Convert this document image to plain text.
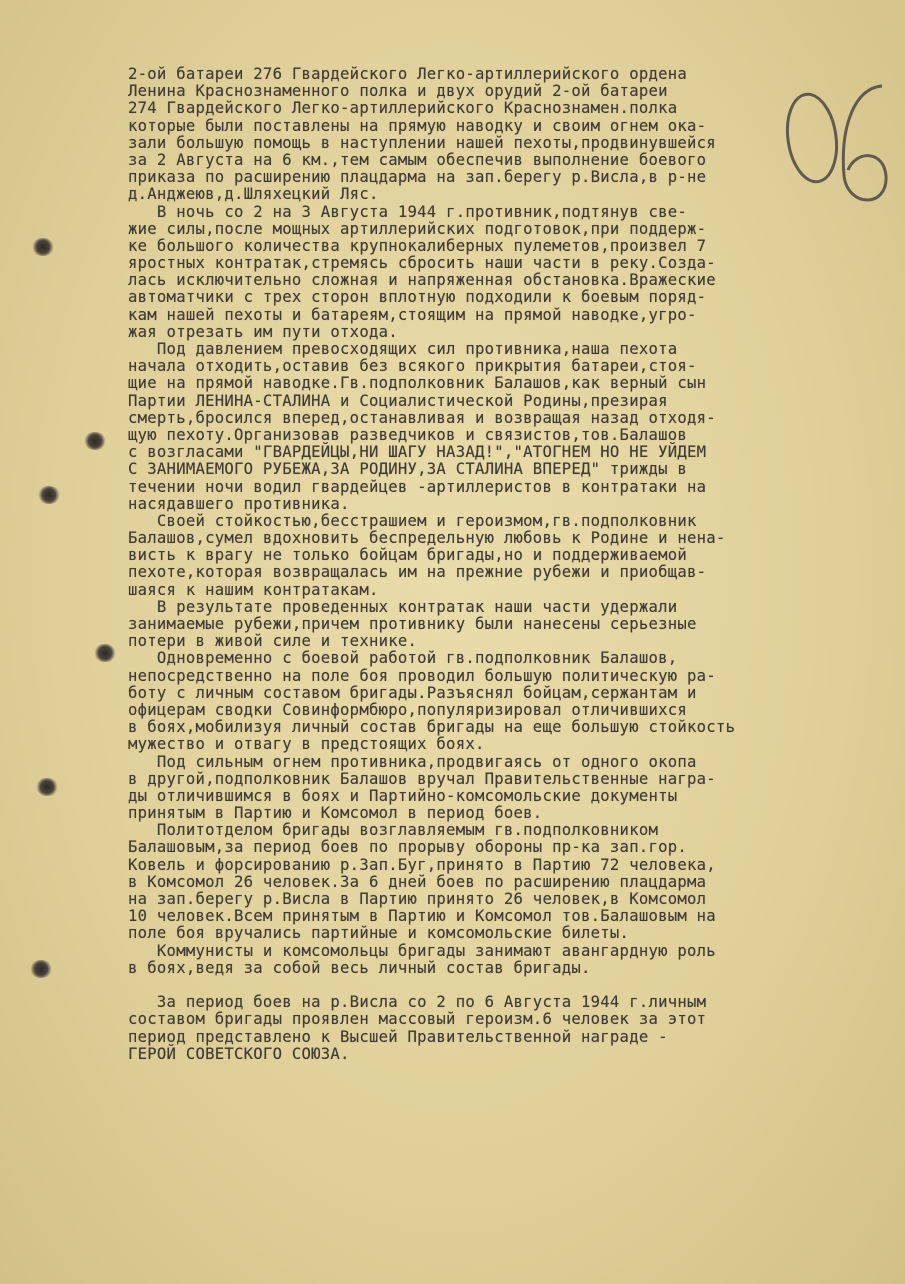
2-ой батареи 276 Гвардейского Легко-артиллерийского ордена
Ленина Краснознаменного полка и двух орудий 2-ой батареи
274 Гвардейского Легко-артиллерийского Краснознамен.полка
которые были поставлены на прямую наводку и своим огнем ока-
зали большую помощь в наступлении нашей пехоты,продвинувшейся
за 2 Августа на 6 км.,тем самым обеспечив выполнение боевого
приказа по расширению плацдарма на зап.берегу р.Висла,в р-не
д.Анджеюв,д.Шляхецкий Ляс.
В ночь со 2 на 3 Августа 1944 г.противник,подтянув све-
жие силы,после мощных артиллерийских подготовок,при поддерж-
ке большого количества крупнокалиберных пулеметов,произвел 7
яростных контратак,стремясь сбросить наши части в реку.Созда-
лась исключительно сложная и напряженная обстановка.Вражеские
автоматчики с трех сторон вплотную подходили к боевым поряд-
кам нашей пехоты и батареям,стоящим на прямой наводке,угро-
жая отрезать им пути отхода.
Под давлением превосходящих сил противника,наша пехота
начала отходить,оставив без всякого прикрытия батареи,стоя-
щие на прямой наводке.Гв.подполковник Балашов,как верный сын
Партии ЛЕНИНА-СТАЛИНА и Социалистической Родины,презирая
смерть,бросился вперед,останавливая и возвращая назад отходя-
щую пехоту.Организовав разведчиков и связистов,тов.Балашов
с возгласами "ГВАРДЕЙЦЫ,НИ ШАГУ НАЗАД!","АТОГНЕМ НО НЕ УЙДЕМ
С ЗАНИМАЕМОГО РУБЕЖА,ЗА РОДИНУ,ЗА СТАЛИНА ВПЕРЕД" трижды в
течении ночи водил гвардейцев -артиллеристов в контратаки на
насядавшего противника.
Своей стойкостью,бесстрашием и героизмом,гв.подполковник
Балашов,сумел вдохновить беспредельную любовь к Родине и нена-
висть к врагу не только бойцам бригады,но и поддерживаемой
пехоте,которая возвращалась им на прежние рубежи и приобщав-
шаяся к нашим контратакам.
В результате проведенных контратак наши части удержали
занимаемые рубежи,причем противнику были нанесены серьезные
потери в живой силе и технике.
Одновременно с боевой работой гв.подполковник Балашов,
непосредственно на поле боя проводил большую политическую ра-
боту с личным составом бригады.Разъяснял бойцам,сержантам и
офицерам сводки Совинформбюро,популяризировал отличившихся
в боях,мобилизуя личный состав бригады на еще большую стойкость
мужество и отвагу в предстоящих боях.
Под сильным огнем противника,продвигаясь от одного окопа
в другой,подполковник Балашов вручал Правительственные награ-
ды отличившимся в боях и Партийно-комсомольские документы
принятым в Партию и Комсомол в период боев.
Политотделом бригады возглавляемым гв.подполковником
Балашовым,за период боев по прорыву обороны пр-ка зап.гор.
Ковель и форсированию р.Зап.Буг,принято в Партию 72 человека,
в Комсомол 26 человек.За 6 дней боев по расширению плацдарма
на зап.берегу р.Висла в Партию принято 26 человек,в Комсомол
10 человек.Всем принятым в Партию и Комсомол тов.Балашовым на
поле боя вручались партийные и комсомольские билеты.
Коммунисты и комсомольцы бригады занимают авангардную роль
в боях,ведя за собой весь личный состав бригады.
За период боев на р.Висла со 2 по 6 Августа 1944 г.личным
составом бригады проявлен массовый героизм.6 человек за этот
период представлено к Высшей Правительственной награде -
ГЕРОЙ СОВЕТСКОГО СОЮЗА.
